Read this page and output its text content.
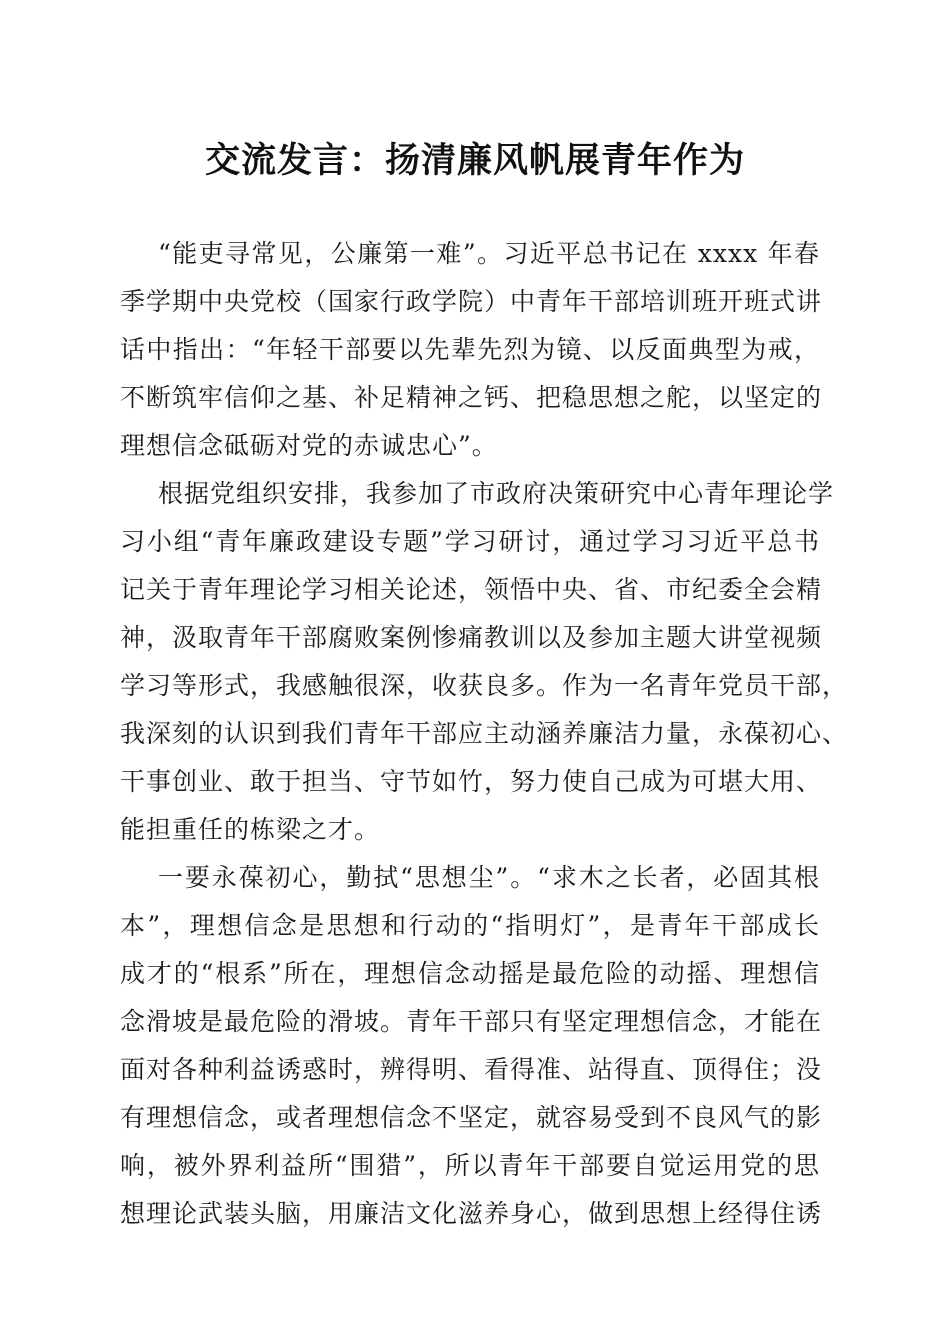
交流发言：扬清廉风帆展青年作为
“能吏寻常见，公廉第一难”。习近平总书记在 xxxx 年春
季学期中央党校（国家行政学院）中青年干部培训班开班式讲
话中指出：“年轻干部要以先辈先烈为镜、以反面典型为戒，
不断筑牢信仰之基、补足精神之钙、把稳思想之舵，以坚定的
理想信念砥砺对党的赤诚忠心”。
根据党组织安排，我参加了市政府决策研究中心青年理论学
习小组“青年廉政建设专题”学习研讨，通过学习习近平总书
记关于青年理论学习相关论述，领悟中央、省、市纪委全会精
神，汲取青年干部腐败案例惨痛教训以及参加主题大讲堂视频
学习等形式，我感触很深，收获良多。作为一名青年党员干部，
我深刻的认识到我们青年干部应主动涵养廉洁力量，永葆初心、
干事创业、敢于担当、守节如竹，努力使自己成为可堪大用、
能担重任的栋梁之才。
一要永葆初心，勤拭“思想尘”。“求木之长者，必固其根
本”，理想信念是思想和行动的“指明灯”，是青年干部成长
成才的“根系”所在，理想信念动摇是最危险的动摇、理想信
念滑坡是最危险的滑坡。青年干部只有坚定理想信念，才能在
面对各种利益诱惑时，辨得明、看得准、站得直、顶得住；没
有理想信念，或者理想信念不坚定，就容易受到不良风气的影
响，被外界利益所“围猎”，所以青年干部要自觉运用党的思
想理论武装头脑，用廉洁文化滋养身心，做到思想上经得住诱
